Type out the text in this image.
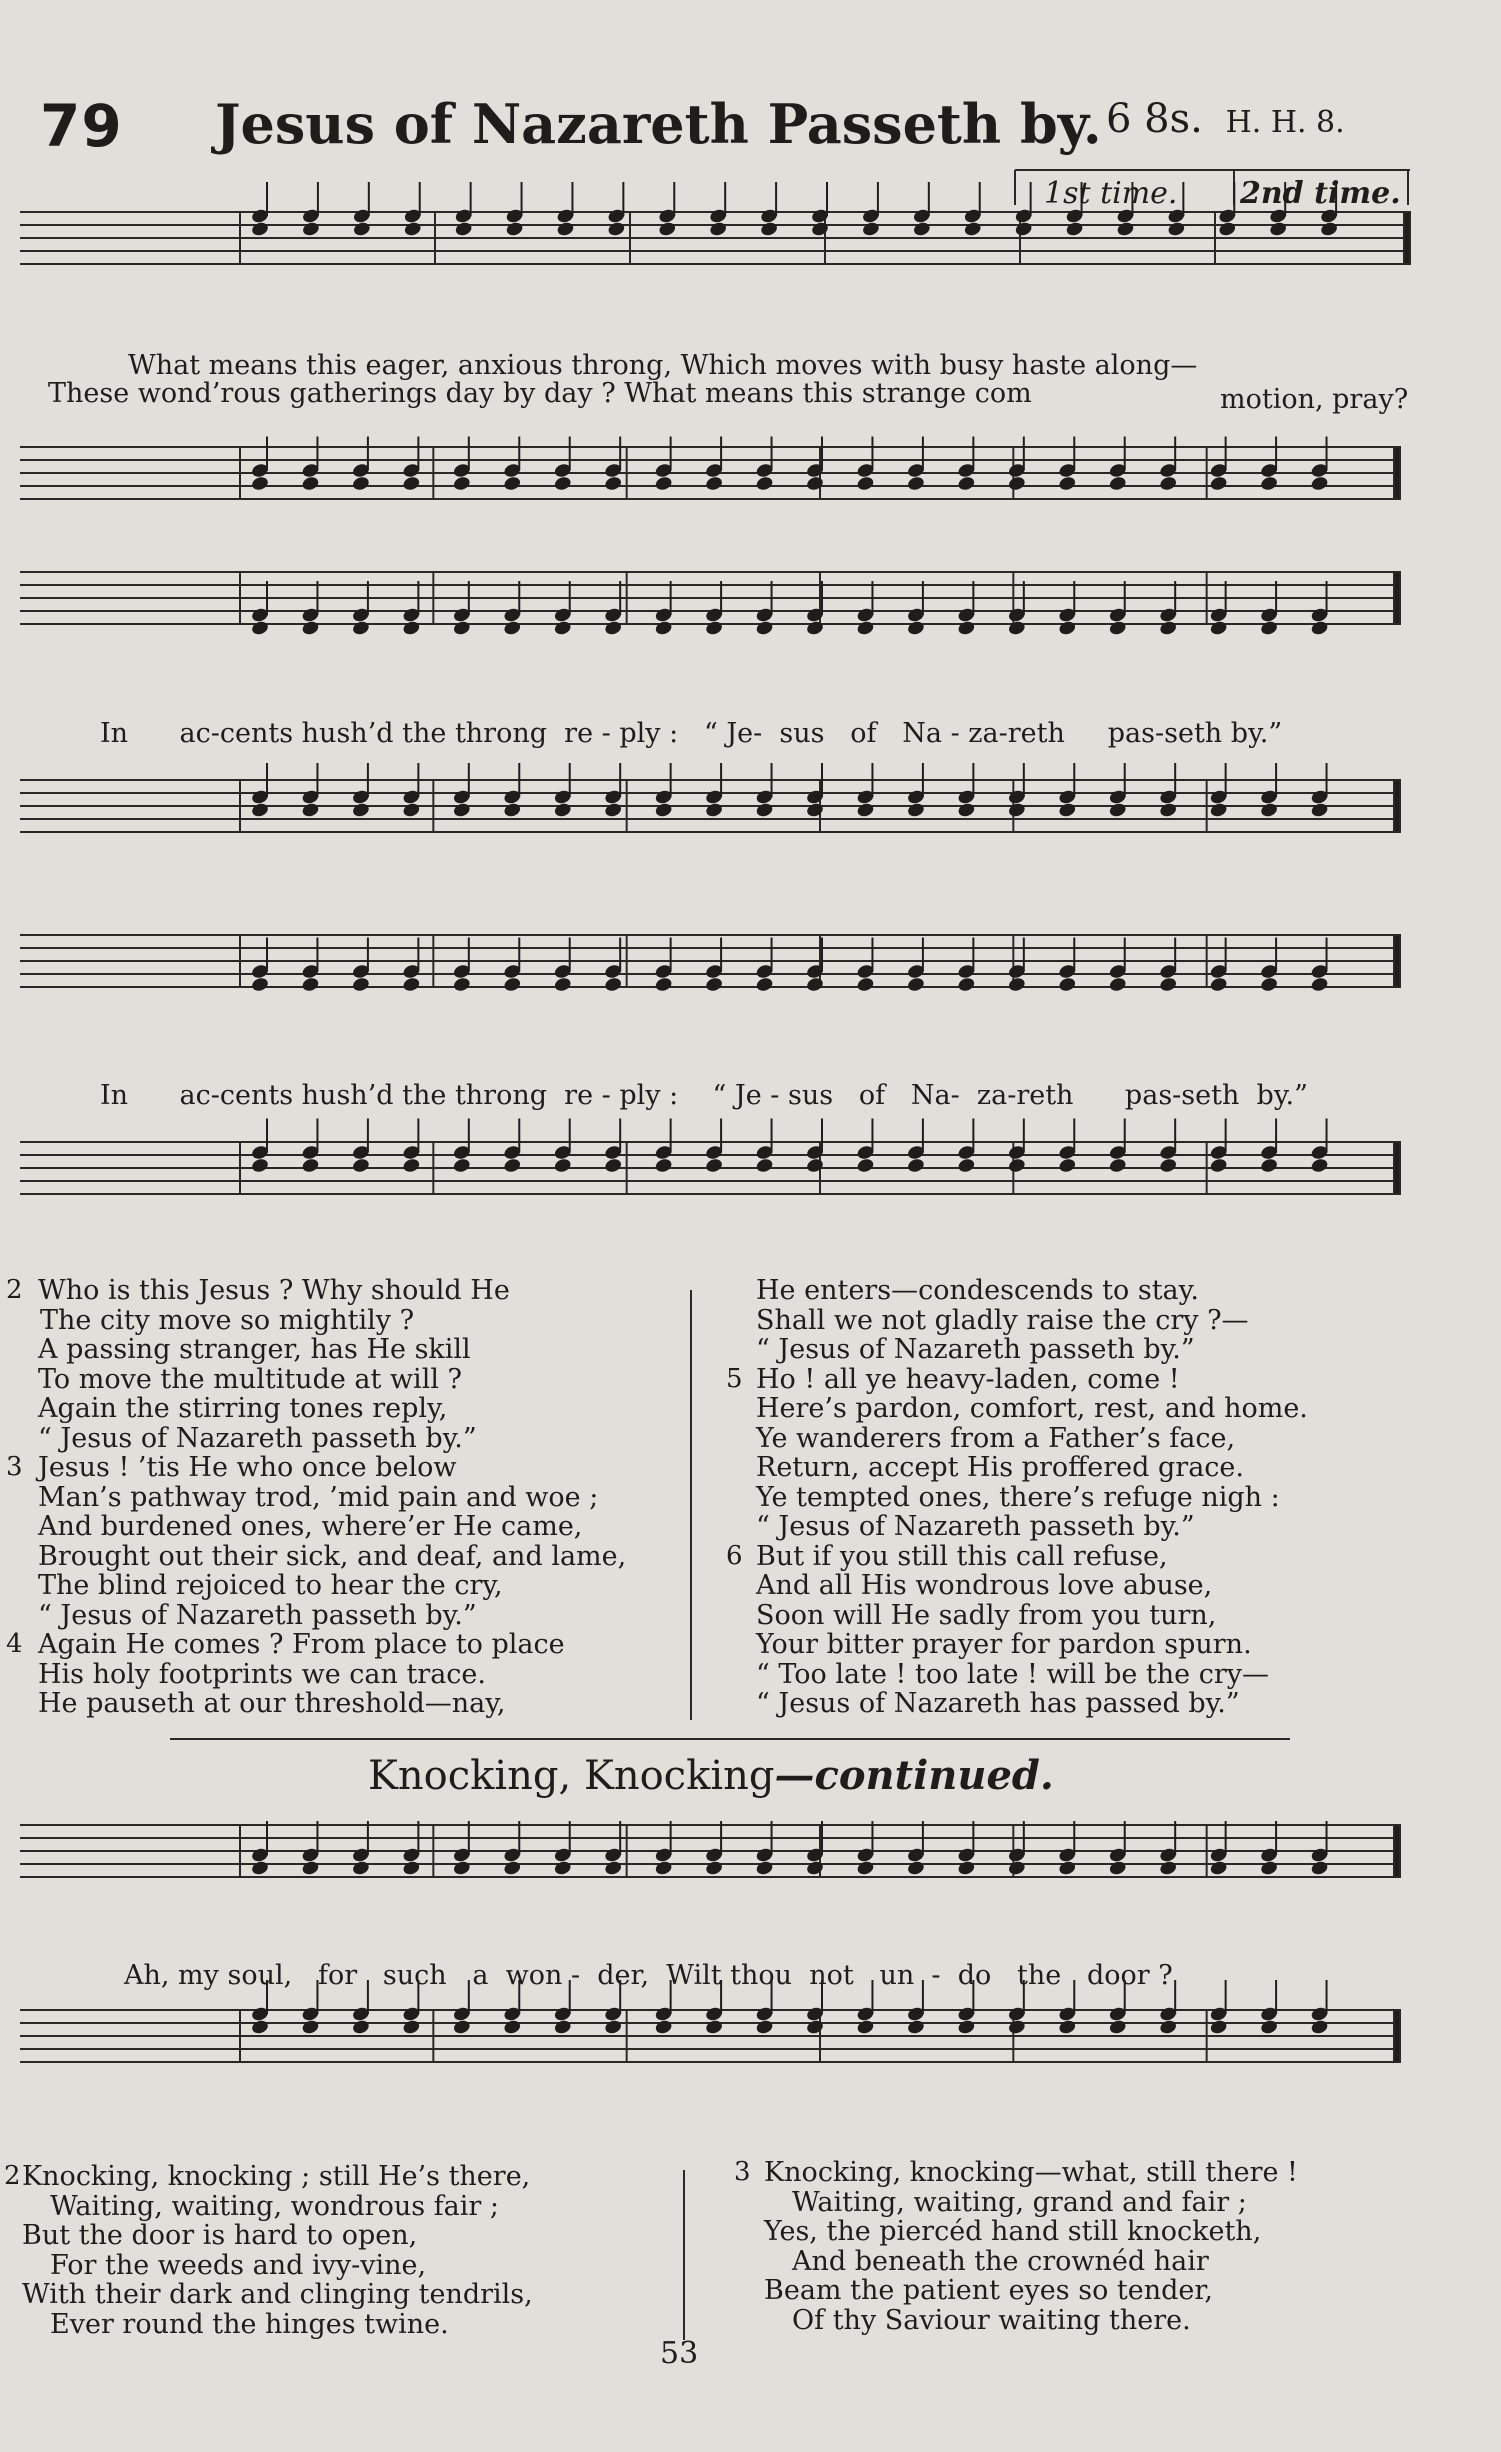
79 Jesus of Nazareth Passeth by. 6 8s. H. H. 8.
1st time. 2nd time.
What means this eager, anxious throng, Which moves with busy haste along—
These wond’rous gatherings day by day ? What means this strange com	motion, pray?
In      ac-cents hush’d the throng  re - ply :   “ Je-  sus   of   Na - za-reth     pas-seth by.”
In      ac-cents hush’d the throng  re - ply :    “ Je - sus   of   Na-  za-reth      pas-seth  by.”
2 Who is this Jesus ? Why should He
The city move so mightily ?
A passing stranger, has He skill
To move the multitude at will ?
Again the stirring tones reply,
“ Jesus of Nazareth passeth by.”
3 Jesus ! ’tis He who once below
Man’s pathway trod, ’mid pain and woe ;
And burdened ones, where’er He came,
Brought out their sick, and deaf, and lame,
The blind rejoiced to hear the cry,
“ Jesus of Nazareth passeth by.”
4 Again He comes ? From place to place
His holy footprints we can trace.
He pauseth at our threshold—nay,
He enters—condescends to stay.
Shall we not gladly raise the cry ?—
“ Jesus of Nazareth passeth by.”
5 Ho ! all ye heavy-laden, come !
Here’s pardon, comfort, rest, and home.
Ye wanderers from a Father’s face,
Return, accept His proffered grace.
Ye tempted ones, there’s refuge nigh :
“ Jesus of Nazareth passeth by.”
6 But if you still this call refuse,
And all His wondrous love abuse,
Soon will He sadly from you turn,
Your bitter prayer for pardon spurn.
“ Too late ! too late ! will be the cry—
“ Jesus of Nazareth has passed by.”
Knocking, Knocking—continued.
Ah, my soul,   for   such   a  won -  der,  Wilt thou  not   un  -  do   the   door ?
2 Knocking, knocking ; still He’s there,
Waiting, waiting, wondrous fair ;
But the door is hard to open,
For the weeds and ivy-vine,
With their dark and clinging tendrils,
Ever round the hinges twine.
3 Knocking, knocking—what, still there !
Waiting, waiting, grand and fair ;
Yes, the piercéd hand still knocketh,
And beneath the crownéd hair
Beam the patient eyes so tender,
Of thy Saviour waiting there.
53
